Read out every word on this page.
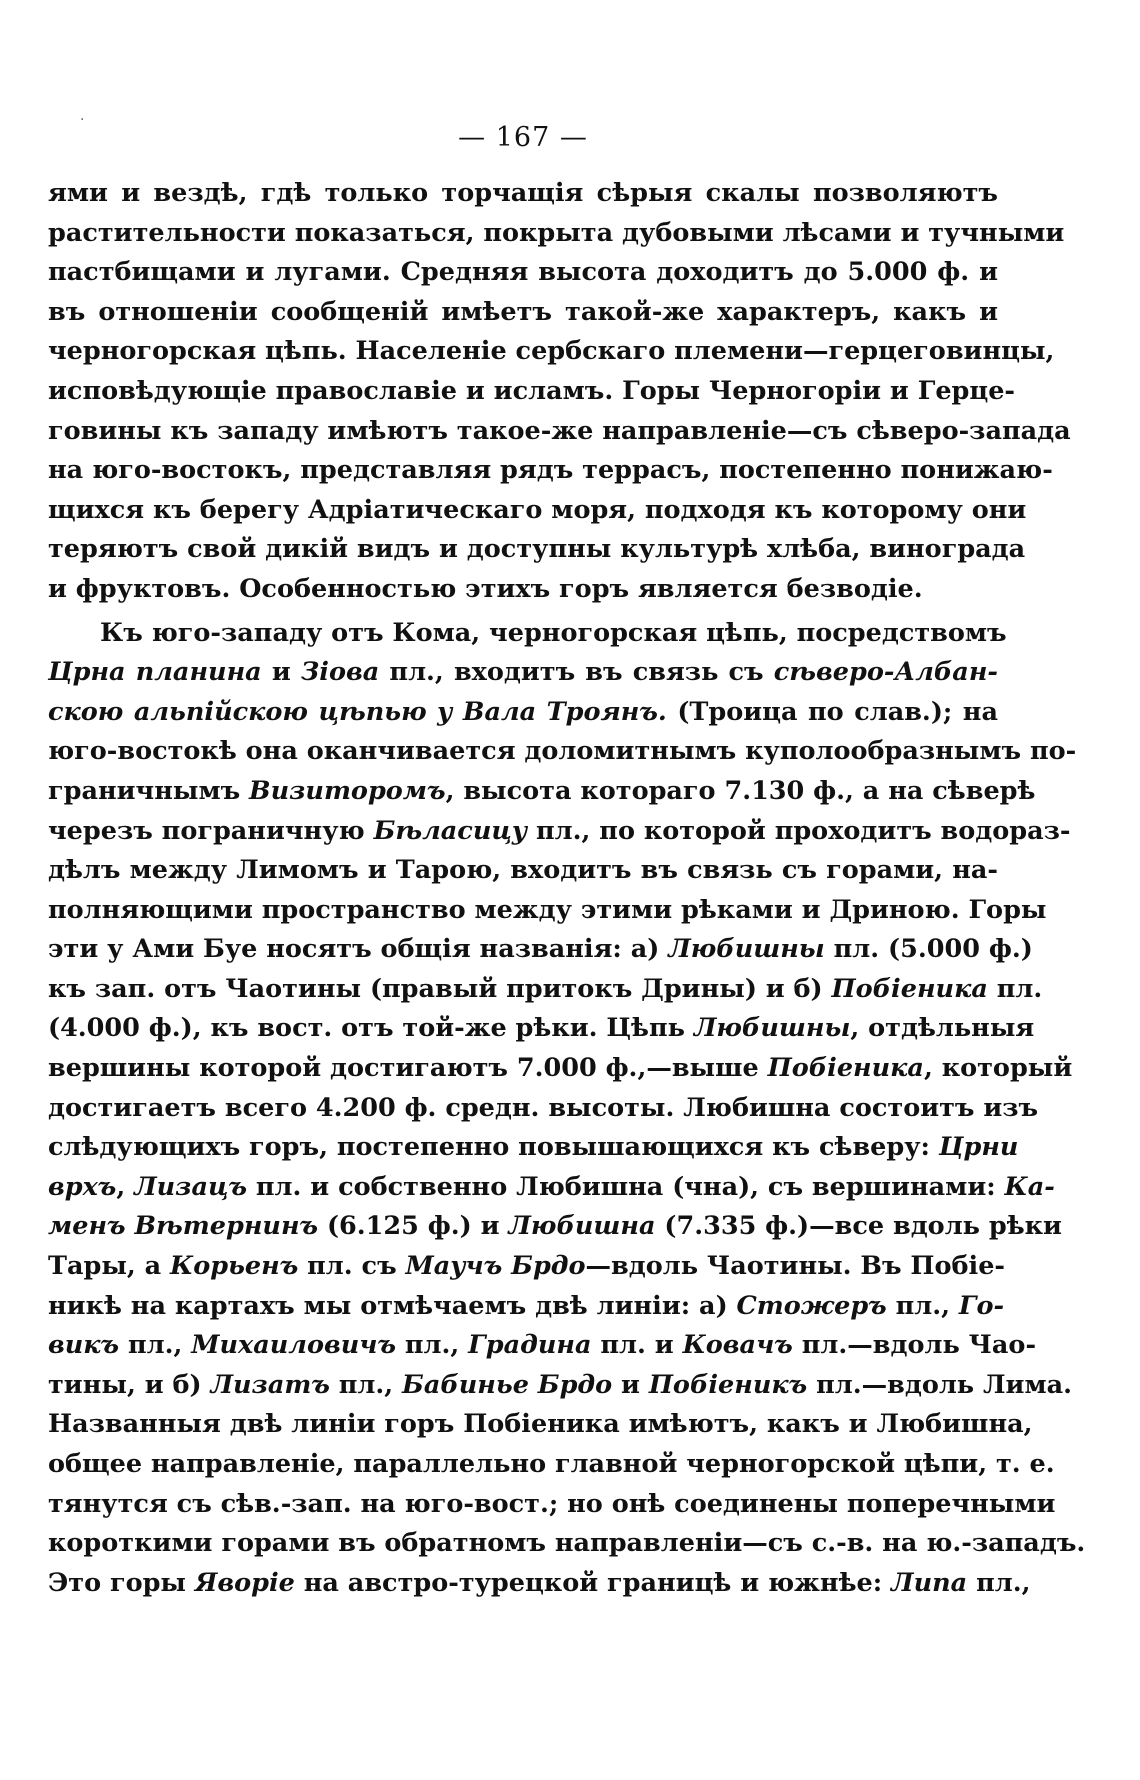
— 167 —
ями и вездѣ, гдѣ только торчащія сѣрыя скалы позволяютъ
растительности показаться, покрыта дубовыми лѣсами и тучными
пастбищами и лугами. Средняя высота доходитъ до 5.000 ф. и
въ отношеніи сообщеній имѣетъ такой-же характеръ, какъ и
черногорская цѣпь. Населеніе сербскаго племени—герцеговинцы,
исповѣдующіе православіе и исламъ. Горы Черногоріи и Герце-
говины къ западу имѣютъ такое-же направленіе—съ сѣверо-запада
на юго-востокъ, представляя рядъ террасъ, постепенно понижаю-
щихся къ берегу Адріатическаго моря, подходя къ которому они
теряютъ свой дикій видъ и доступны культурѣ хлѣба, винограда
и фруктовъ. Особенностью этихъ горъ является безводіе.
Къ юго-западу отъ Кома, черногорская цѣпь, посредствомъ
Црна планина и Зіова пл., входитъ въ связь съ сѣверо-Албан-
скою альпійскою цѣпью у Вала Троянъ. (Троица по слав.); на
юго-востокѣ она оканчивается доломитнымъ куполообразнымъ по-
граничнымъ Визиторомъ, высота котораго 7.130 ф., а на сѣверѣ
черезъ пограничную Бѣласицу пл., по которой проходитъ водораз-
дѣлъ между Лимомъ и Тарою, входитъ въ связь съ горами, на-
полняющими пространство между этими рѣками и Дриною. Горы
эти у Ами Буе носятъ общія названія: а) Любишны пл. (5.000 ф.)
къ зап. отъ Чаотины (правый притокъ Дрины) и б) Побіеника пл.
(4.000 ф.), къ вост. отъ той-же рѣки. Цѣпь Любишны, отдѣльныя
вершины которой достигаютъ 7.000 ф.,—выше Побіеника, который
достигаетъ всего 4.200 ф. средн. высоты. Любишна состоитъ изъ
слѣдующихъ горъ, постепенно повышающихся къ сѣверу: Црни
врхъ, Лизацъ пл. и собственно Любишна (чна), съ вершинами: Ка-
менъ Вѣтернинъ (6.125 ф.) и Любишна (7.335 ф.)—все вдоль рѣки
Тары, а Корьенъ пл. съ Маучъ Брдо—вдоль Чаотины. Въ Побіе-
никѣ на картахъ мы отмѣчаемъ двѣ линіи: а) Стожеръ пл., Го-
викъ пл., Михаиловичъ пл., Градина пл. и Ковачъ пл.—вдоль Чао-
тины, и б) Лизатъ пл., Бабинье Брдо и Побіеникъ пл.—вдоль Лима.
Названныя двѣ линіи горъ Побіеника имѣютъ, какъ и Любишна,
общее направленіе, параллельно главной черногорской цѣпи, т. е.
тянутся съ сѣв.-зап. на юго-вост.; но онѣ соединены поперечными
короткими горами въ обратномъ направленіи—съ с.-в. на ю.-западъ.
Это горы Яворіе на австро-турецкой границѣ и южнѣе: Липа пл.,
·
